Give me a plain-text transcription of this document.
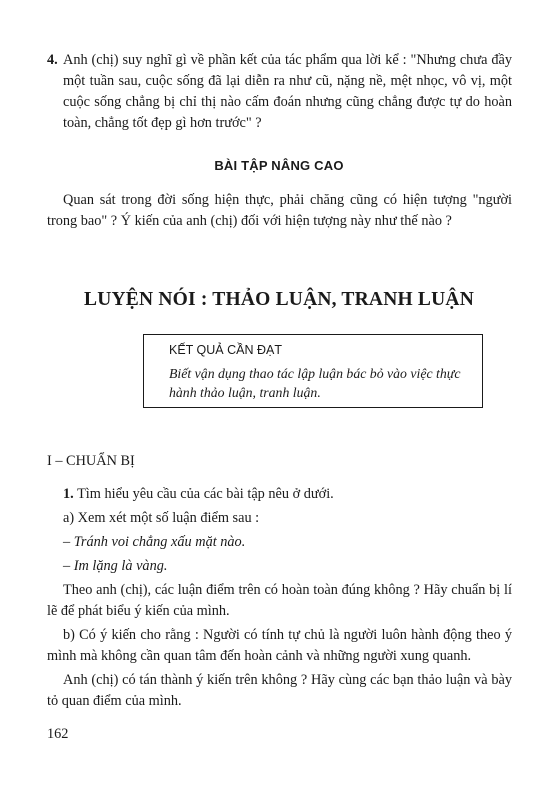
4. Anh (chị) suy nghĩ gì về phần kết của tác phẩm qua lời kể : "Nhưng chưa đầy một tuần sau, cuộc sống đã lại diễn ra như cũ, nặng nề, mệt nhọc, vô vị, một cuộc sống chẳng bị chỉ thị nào cấm đoán nhưng cũng chẳng được tự do hoàn toàn, chẳng tốt đẹp gì hơn trước" ?
BÀI TẬP NÂNG CAO
Quan sát trong đời sống hiện thực, phải chăng cũng có hiện tượng "người trong bao" ? Ý kiến của anh (chị) đối với hiện tượng này như thế nào ?
LUYỆN NÓI : THẢO LUẬN, TRANH LUẬN
KẾT QUẢ CẦN ĐẠT
Biết vận dụng thao tác lập luận bác bỏ vào việc thực hành thảo luận, tranh luận.
I – CHUẨN BỊ
1. Tìm hiểu yêu cầu của các bài tập nêu ở dưới.
a) Xem xét một số luận điểm sau :
– Tránh voi chẳng xấu mặt nào.
– Im lặng là vàng.
Theo anh (chị), các luận điểm trên có hoàn toàn đúng không ? Hãy chuẩn bị lí lẽ để phát biểu ý kiến của mình.
b) Có ý kiến cho rằng : Người có tính tự chủ là người luôn hành động theo ý mình mà không cần quan tâm đến hoàn cảnh và những người xung quanh.
Anh (chị) có tán thành ý kiến trên không ? Hãy cùng các bạn thảo luận và bày tỏ quan điểm của mình.
162
